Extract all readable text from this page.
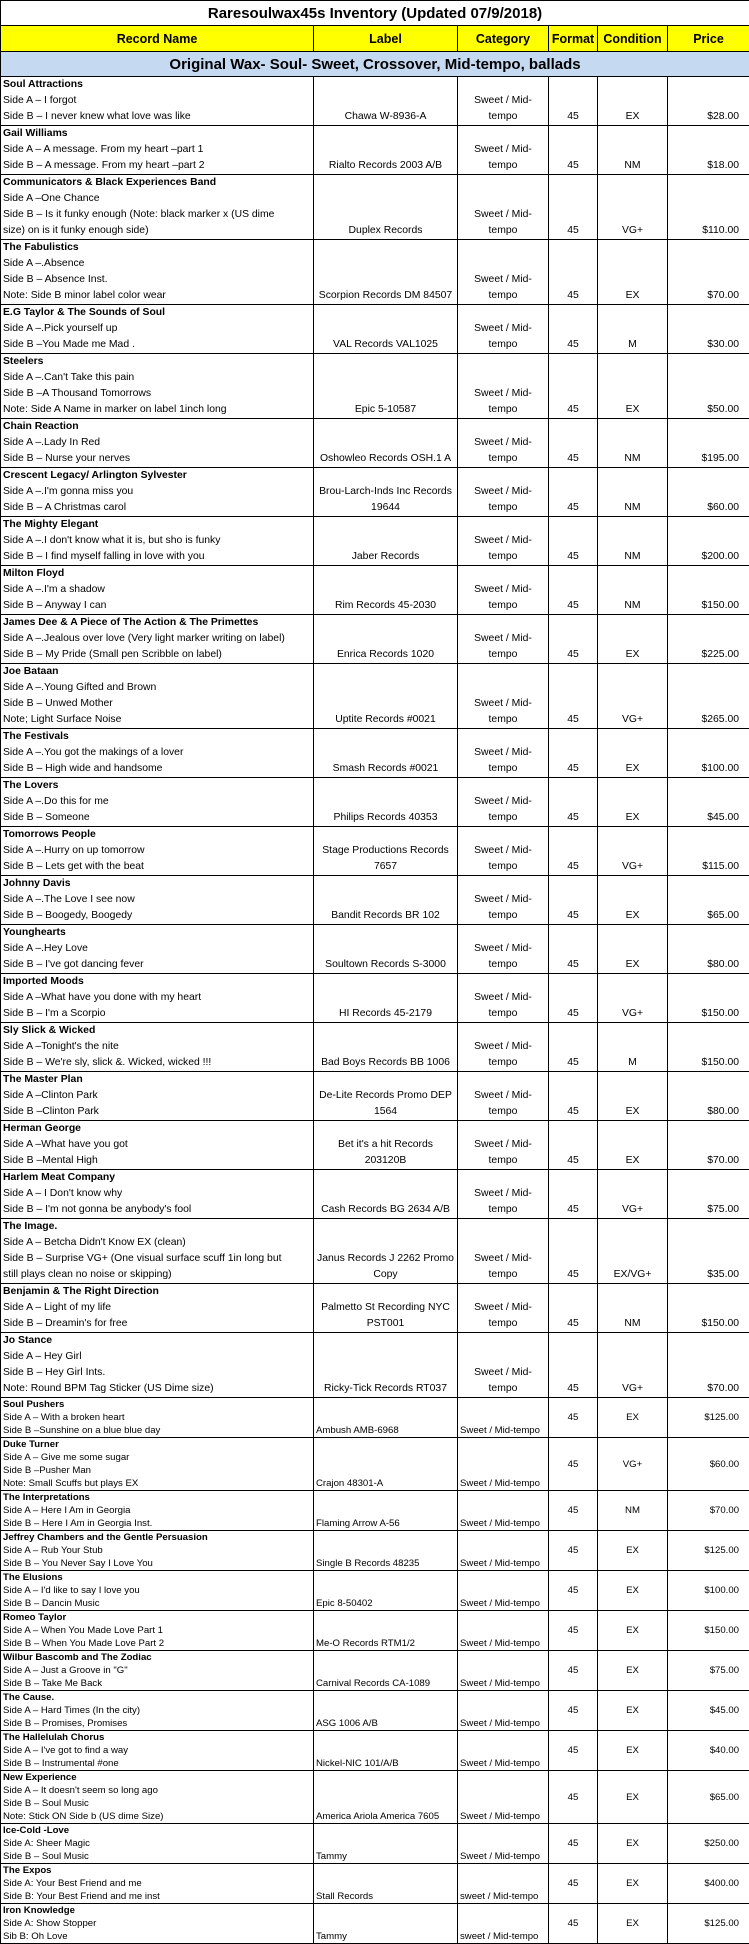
Raresoulwax45s Inventory (Updated 07/9/2018)					
Record Name	Label	Category	Format	Condition	Price
Original Wax- Soul- Sweet, Crossover, Mid-tempo, ballads					

Soul Attractions
Side A – I forgot
Side B – I never knew what love was like	Chawa W-8936-A	Sweet / Mid-tempo	45	EX	$28.00

Gail Williams
Side A – A message. From my heart –part 1
Side B – A message. From my heart –part 2	Rialto Records 2003 A/B	Sweet / Mid-tempo	45	NM	$18.00

Communicators & Black Experiences Band
Side A –One Chance
Side B – Is it funky enough (Note: black marker x (US dime
size) on is it funky enough side)	Duplex Records	Sweet / Mid-tempo	45	VG+	$110.00

The Fabulistics
Side A –.Absence
Side B – Absence Inst.
Note: Side B minor label color wear	Scorpion Records DM 84507	Sweet / Mid-tempo	45	EX	$70.00

E.G Taylor & The Sounds of Soul
Side A –.Pick yourself up
Side B –You Made me Mad .	VAL Records VAL1025	Sweet / Mid-tempo	45	M	$30.00

Steelers
Side A –.Can't Take this pain
Side B –A Thousand Tomorrows
Note: Side A Name in marker on label 1inch long	Epic 5-10587	Sweet / Mid-tempo	45	EX	$50.00

Chain Reaction
Side A –.Lady In Red
Side B – Nurse your nerves	Oshowleo Records OSH.1 A	Sweet / Mid-tempo	45	NM	$195.00

Crescent Legacy/ Arlington Sylvester
Side A –.I'm gonna miss you
Side B – A Christmas carol	Brou-Larch-Inds Inc Records 19644	Sweet / Mid-tempo	45	NM	$60.00

The Mighty Elegant
Side A –.I don't know what it is, but sho is funky
Side B – I find myself falling in love with you	Jaber Records	Sweet / Mid-tempo	45	NM	$200.00

Milton Floyd
Side A –.I'm a shadow
Side B – Anyway I can	Rim Records 45-2030	Sweet / Mid-tempo	45	NM	$150.00

James Dee & A Piece of The Action & The Primettes
Side A –.Jealous over love (Very light marker writing on label)
Side B – My Pride (Small pen Scribble on label)	Enrica Records 1020	Sweet / Mid-tempo	45	EX	$225.00

Joe Bataan
Side A –.Young Gifted and Brown
Side B – Unwed Mother
Note; Light Surface Noise	Uptite Records #0021	Sweet / Mid-tempo	45	VG+	$265.00

The Festivals
Side A –.You got the makings of a lover
Side B – High wide and handsome	Smash Records #0021	Sweet / Mid-tempo	45	EX	$100.00

The Lovers
Side A –.Do this for me
Side B – Someone	Philips Records 40353	Sweet / Mid-tempo	45	EX	$45.00

Tomorrows People
Side A –.Hurry on up tomorrow
Side B – Lets get with the beat	Stage Productions Records 7657	Sweet / Mid-tempo	45	VG+	$115.00

Johnny Davis
Side A –.The Love I see now
Side B – Boogedy, Boogedy	Bandit Records BR 102	Sweet / Mid-tempo	45	EX	$65.00

Younghearts
Side A –.Hey Love
Side B – I've got dancing fever	Soultown Records S-3000	Sweet / Mid-tempo	45	EX	$80.00

Imported Moods
Side A –What have you done with my heart
Side B – I'm a Scorpio	HI Records 45-2179	Sweet / Mid-tempo	45	VG+	$150.00

Sly Slick & Wicked
Side A –Tonight's the nite
Side B – We're sly, slick &. Wicked, wicked !!!	Bad Boys Records BB 1006	Sweet / Mid-tempo	45	M	$150.00

The Master Plan
Side A –Clinton Park
Side B –Clinton Park	De-Lite Records Promo DEP 1564	Sweet / Mid-tempo	45	EX	$80.00

Herman George
Side A –What have you got
Side B –Mental High	Bet it's a hit Records 203120B	Sweet / Mid-tempo	45	EX	$70.00

Harlem Meat Company
Side A – I Don't know why
Side B – I'm not gonna be anybody's fool	Cash Records BG 2634 A/B	Sweet / Mid-tempo	45	VG+	$75.00

The Image.
Side A – Betcha Didn't Know EX (clean)
Side B – Surprise VG+ (One visual surface scuff 1in long but
still plays clean no noise or skipping)	Janus Records J 2262 Promo Copy	Sweet / Mid-tempo	45	EX/VG+	$35.00

Benjamin & The Right Direction
Side A – Light of my life
Side B – Dreamin's for free	Palmetto St Recording NYC PST001	Sweet / Mid-tempo	45	NM	$150.00

Jo Stance
Side A – Hey Girl
Side B – Hey Girl Ints.
Note: Round BPM Tag Sticker (US Dime size)	Ricky-Tick Records RT037	Sweet / Mid-tempo	45	VG+	$70.00

Soul Pushers
Side A – With a broken heart
Side B –Sunshine on a blue blue day	Ambush AMB-6968	Sweet / Mid-tempo	45	EX	$125.00

Duke Turner
Side A – Give me some sugar
Side B –Pusher Man
Note: Small Scuffs but plays EX	Crajon 48301-A	Sweet / Mid-tempo	45	VG+	$60.00

The Interpretations
Side A – Here I Am in Georgia
Side B – Here I Am in Georgia Inst.	Flaming Arrow A-56	Sweet / Mid-tempo	45	NM	$70.00

Jeffrey Chambers and the Gentle Persuasion
Side A – Rub Your Stub
Side B – You Never Say I Love You	Single B Records 48235	Sweet / Mid-tempo	45	EX	$125.00

The Elusions
Side A – I'd like to say I love you
Side B – Dancin Music	Epic 8-50402	Sweet / Mid-tempo	45	EX	$100.00

Romeo Taylor
Side A – When You Made Love Part 1
Side B – When You Made Love Part 2	Me-O Records RTM1/2	Sweet / Mid-tempo	45	EX	$150.00

Wilbur Bascomb and The Zodiac
Side A – Just a Groove in "G"
Side B – Take Me Back	Carnival Records CA-1089	Sweet / Mid-tempo	45	EX	$75.00

The Cause.
Side A – Hard Times (In the city)
Side B – Promises, Promises	ASG 1006 A/B	Sweet / Mid-tempo	45	EX	$45.00

The Hallelulah Chorus
Side A – I've got to find a way
Side B – Instrumental #one	Nickel-NIC 101/A/B	Sweet / Mid-tempo	45	EX	$40.00

New Experience
Side A – It doesn't seem so long ago
Side B – Soul Music
Note: Stick ON Side b (US dime Size)	America Ariola America 7605	Sweet / Mid-tempo	45	EX	$65.00

Ice-Cold -Love
Side A: Sheer Magic
Side B – Soul Music	Tammy	Sweet / Mid-tempo	45	EX	$250.00

The Expos
Side A: Your Best Friend and me
Side B: Your Best Friend and me inst	Stall Records	sweet / Mid-tempo	45	EX	$400.00

Iron Knowledge
Side A: Show Stopper
Sib B: Oh Love	Tammy	sweet / Mid-tempo	45	EX	$125.00
